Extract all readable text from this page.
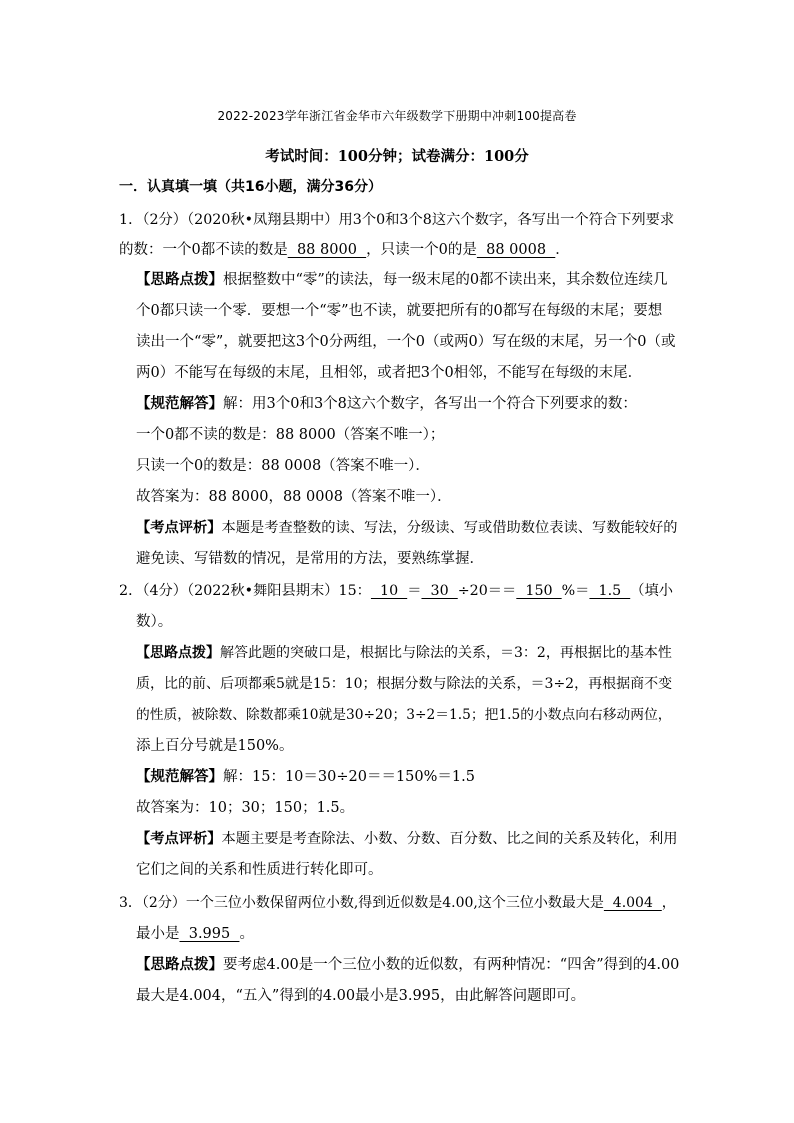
2022-2023学年浙江省金华市六年级数学下册期中冲刺100提高卷
考试时间：100分钟；试卷满分：100分
一．认真填一填（共16小题，满分36分）
1．（2分）（2020秋•凤翔县期中）用3个0和3个8这六个数字，各写出一个符合下列要求
的数：一个0都不读的数是  88 8000  ，只读一个0的是  88 0008  ．
【思路点拨】根据整数中“零”的读法，每一级末尾的0都不读出来，其余数位连续几
个0都只读一个零．要想一个“零”也不读，就要把所有的0都写在每级的末尾；要想
读出一个“零”，就要把这3个0分两组，一个0（或两0）写在级的末尾，另一个0（或
两0）不能写在每级的末尾，且相邻，或者把3个0相邻，不能写在每级的末尾．
【规范解答】解：用3个0和3个8这六个数字，各写出一个符合下列要求的数：
一个0都不读的数是：88 8000（答案不唯一）；
只读一个0的数是：88 0008（答案不唯一）．
故答案为：88 8000，88 0008（答案不唯一）．
【考点评析】本题是考查整数的读、写法，分级读、写或借助数位表读、写数能较好的
避免读、写错数的情况，是常用的方法，要熟练掌握．
2．（4分）（2022秋•舞阳县期末）15：  10  ＝  30  ÷20＝＝  150  %＝  1.5  （填小
数）。
【思路点拨】解答此题的突破口是，根据比与除法的关系，＝3：2，再根据比的基本性
质，比的前、后项都乘5就是15：10；根据分数与除法的关系，＝3÷2，再根据商不变
的性质，被除数、除数都乘10就是30÷20；3÷2＝1.5；把1.5的小数点向右移动两位，
添上百分号就是150%。
【规范解答】解：15：10＝30÷20＝＝150%＝1.5
故答案为：10；30；150；1.5。
【考点评析】本题主要是考查除法、小数、分数、百分数、比之间的关系及转化，利用
它们之间的关系和性质进行转化即可。
3．（2分）一个三位小数保留两位小数,得到近似数是4.00,这个三位小数最大是  4.004  ，
最小是  3.995  。
【思路点拨】要考虑4.00是一个三位小数的近似数，有两种情况：“四舍”得到的4.00
最大是4.004，“五入”得到的4.00最小是3.995，由此解答问题即可。
